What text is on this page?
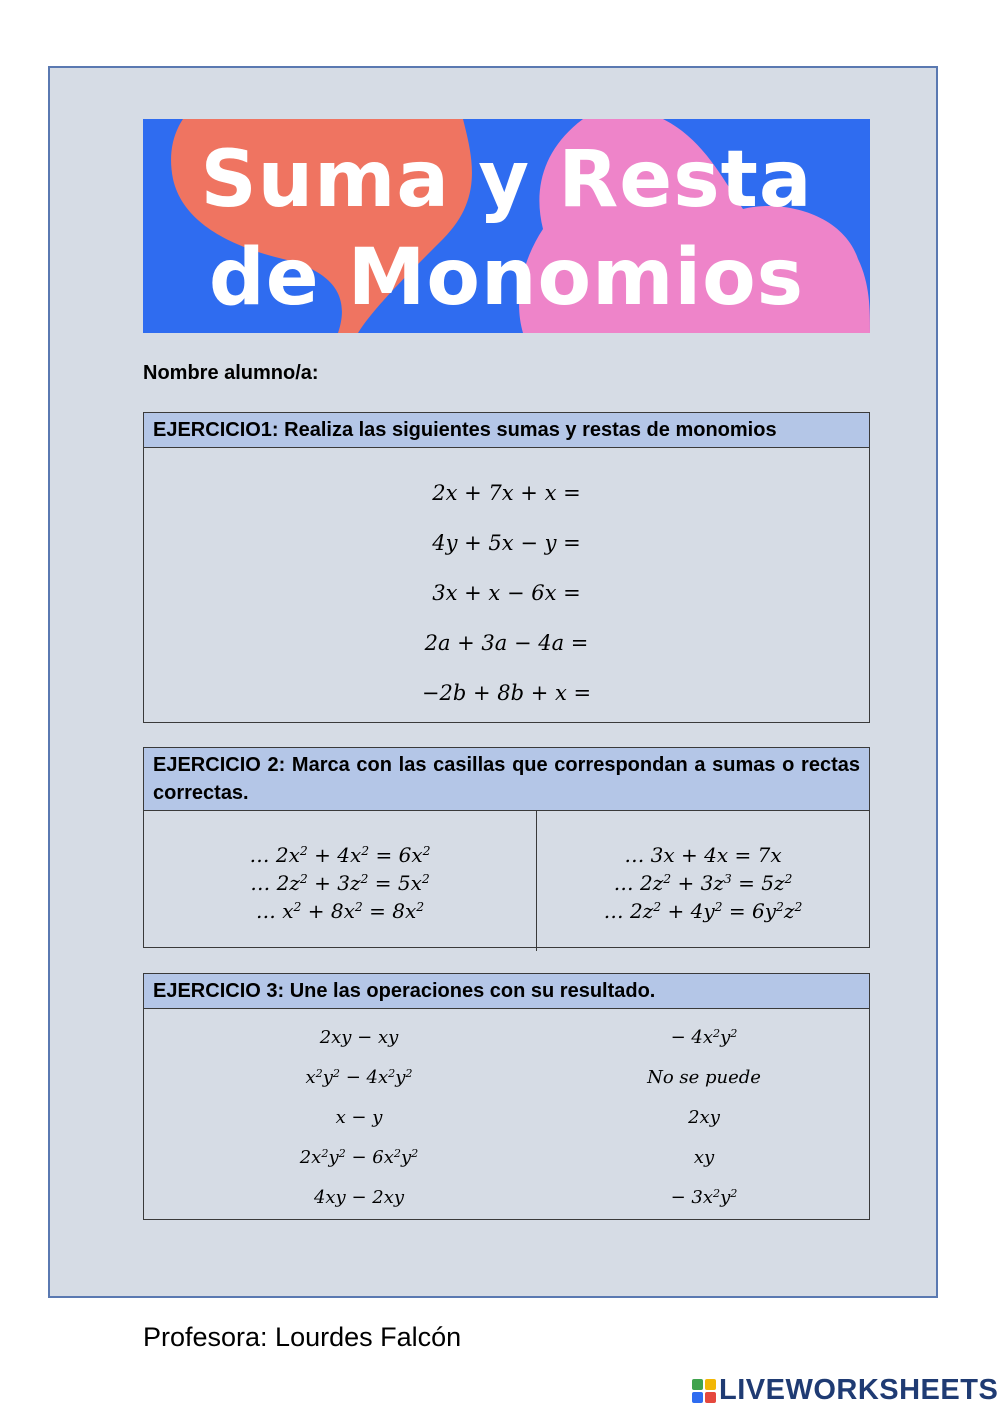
Suma y Resta
de Monomios
Nombre alumno/a:
EJERCICIO1: Realiza las siguientes sumas y restas de monomios
2x + 7x + x =
4y + 5x − y =
3x + x − 6x =
2a + 3a − 4a =
−2b + 8b + x =
EJERCICIO 2: Marca con las casillas que correspondan a sumas o rectas correctas.
… $2x^2 + 4x^2 = 6x^2$
… $2z^2 + 3z^2 = 5x^2$
… $x^2 + 8x^2 = 8x^2$
… 3x + 4x = 7x
… $2z^2 + 3z^3 = 5z^2$
… $2z^2 + 4y^2 = 6y^2z^2$
EJERCICIO 3: Une las operaciones con su resultado.
2xy − xy
$x^2y^2 - 4x^2y^2$
x − y
$2x^2y^2 - 6x^2y^2$
4xy − 2xy
− $4x^2y^2$
No se puede
2xy
xy
− $3x^2y^2$
Profesora: Lourdes Falcón
LIVEWORKSHEETS
